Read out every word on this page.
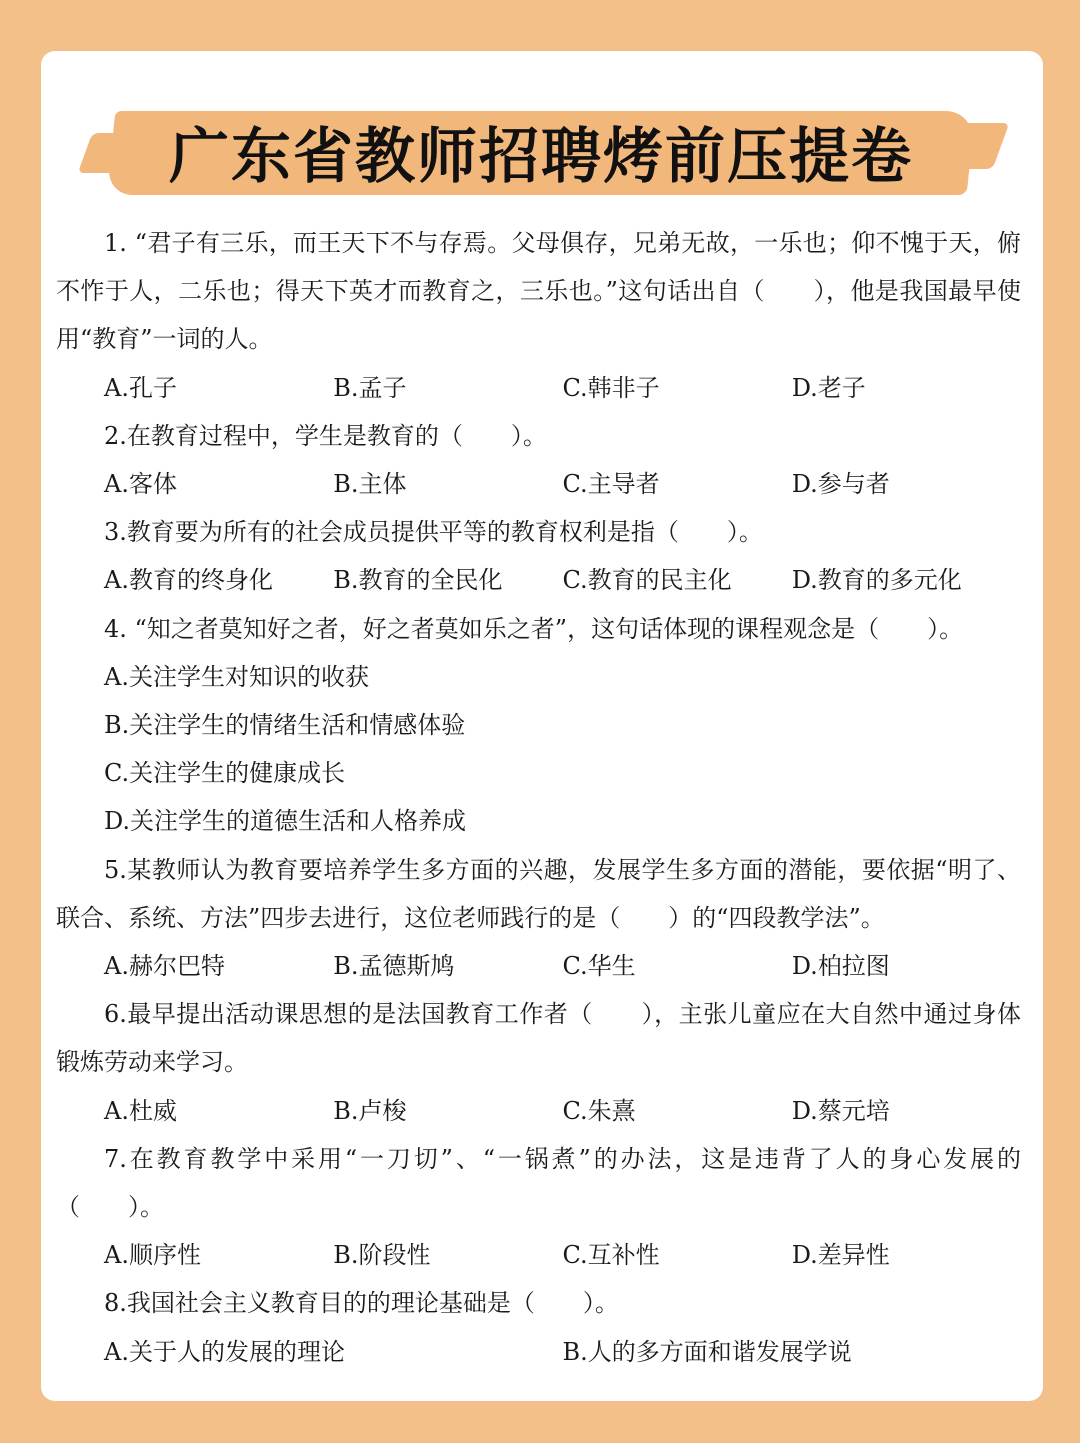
广东省教师招聘烤前压提卷

1. “君子有三乐，而王天下不与存焉。父母俱存，兄弟无故，一乐也；仰不愧于天，俯不怍于人，二乐也；得天下英才而教育之，三乐也。”这句话出自（　　），他是我国最早使用“教育”一词的人。

A.孔子	B.孟子	C.韩非子	D.老子

2.在教育过程中，学生是教育的（　　）。

A.客体	B.主体	C.主导者	D.参与者

3.教育要为所有的社会成员提供平等的教育权利是指（　　）。

A.教育的终身化	B.教育的全民化	C.教育的民主化	D.教育的多元化

4. “知之者莫知好之者，好之者莫如乐之者”，这句话体现的课程观念是（　　）。

A.关注学生对知识的收获

B.关注学生的情绪生活和情感体验

C.关注学生的健康成长

D.关注学生的道德生活和人格养成

5.某教师认为教育要培养学生多方面的兴趣，发展学生多方面的潜能，要依据“明了、联合、系统、方法”四步去进行，这位老师践行的是（　　）的“四段教学法”。

A.赫尔巴特	B.孟德斯鸠	C.华生	D.柏拉图

6.最早提出活动课思想的是法国教育工作者（　　），主张儿童应在大自然中通过身体锻炼劳动来学习。

A.杜威	B.卢梭	C.朱熹	D.蔡元培

7.在教育教学中采用“一刀切”、“一锅煮”的办法，这是违背了人的身心发展的（　　）。

A.顺序性	B.阶段性	C.互补性	D.差异性

8.我国社会主义教育目的的理论基础是（　　）。

A.关于人的发展的理论	B.人的多方面和谐发展学说
